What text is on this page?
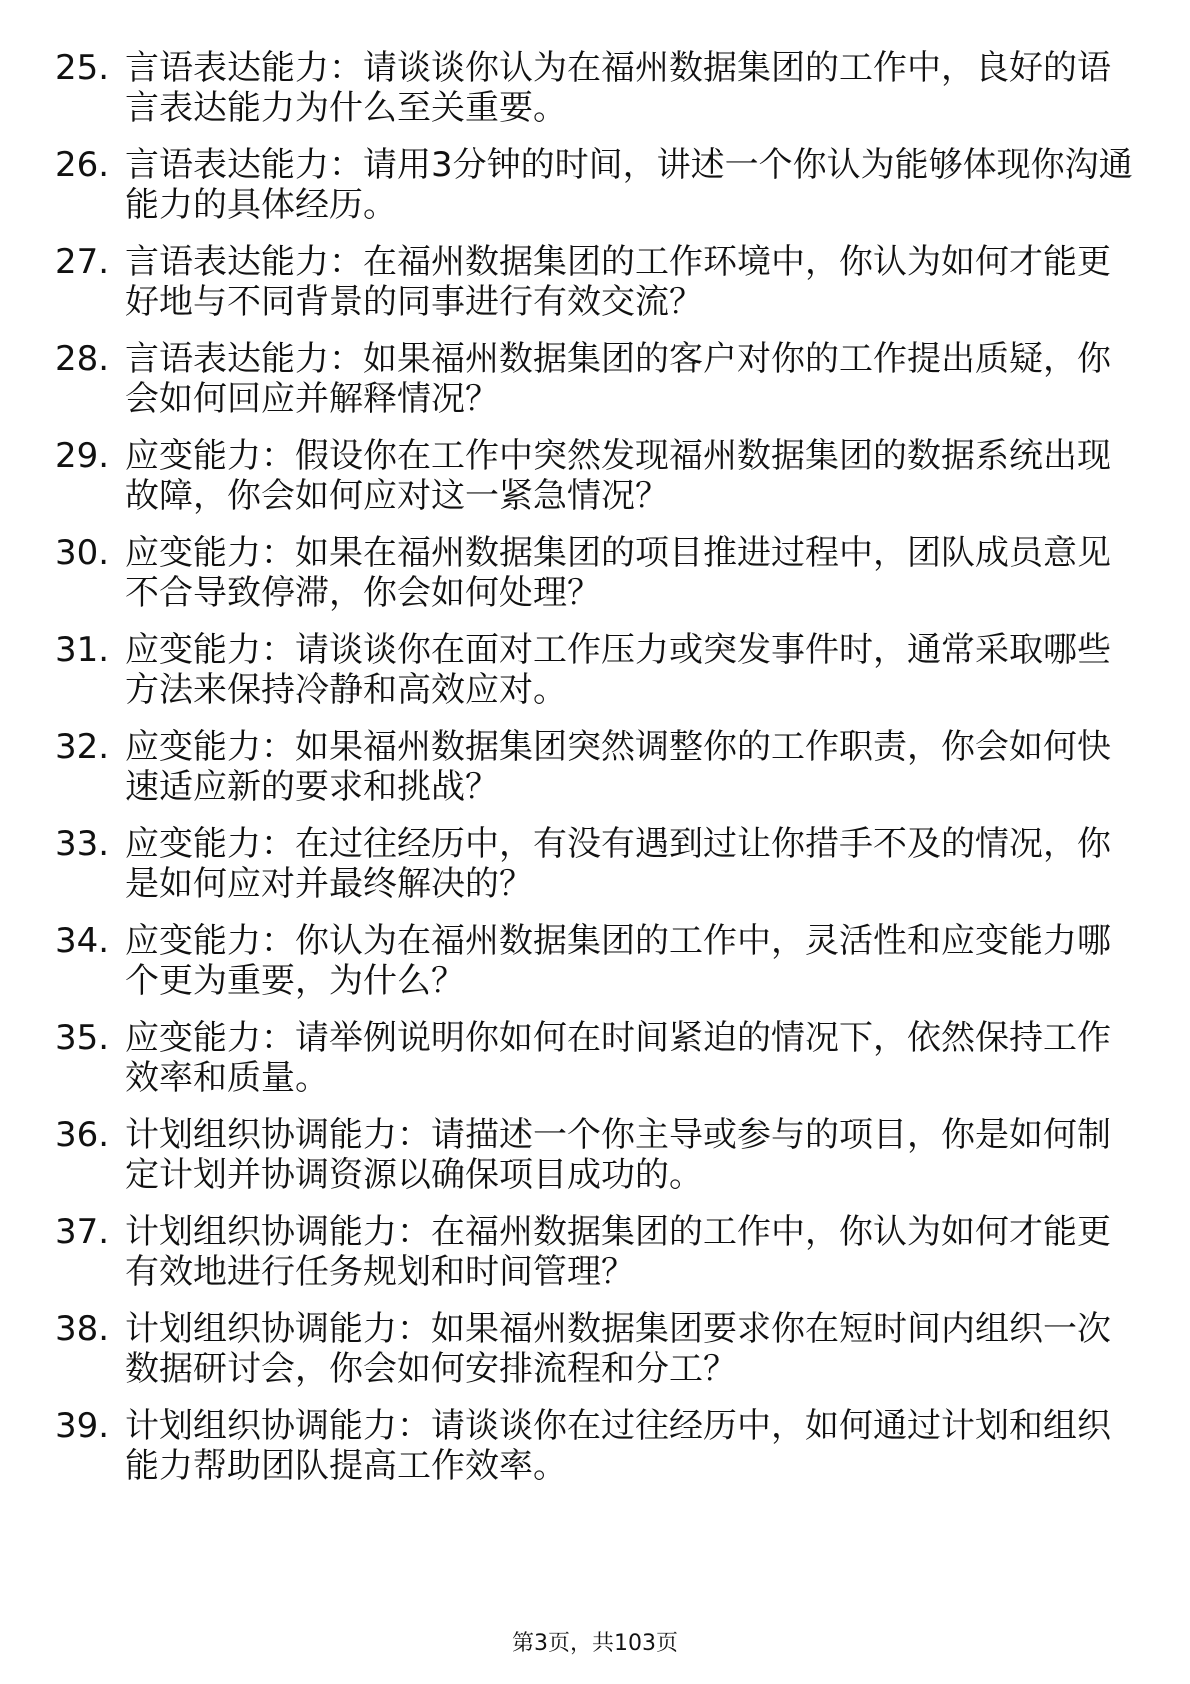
25. 言语表达能力：请谈谈你认为在福州数据集团的工作中，良好的语言表达能力为什么至关重要。
26. 言语表达能力：请用3分钟的时间，讲述一个你认为能够体现你沟通能力的具体经历。
27. 言语表达能力：在福州数据集团的工作环境中，你认为如何才能更好地与不同背景的同事进行有效交流？
28. 言语表达能力：如果福州数据集团的客户对你的工作提出质疑，你会如何回应并解释情况？
29. 应变能力：假设你在工作中突然发现福州数据集团的数据系统出现故障，你会如何应对这一紧急情况？
30. 应变能力：如果在福州数据集团的项目推进过程中，团队成员意见不合导致停滞，你会如何处理？
31. 应变能力：请谈谈你在面对工作压力或突发事件时，通常采取哪些方法来保持冷静和高效应对。
32. 应变能力：如果福州数据集团突然调整你的工作职责，你会如何快速适应新的要求和挑战？
33. 应变能力：在过往经历中，有没有遇到过让你措手不及的情况，你是如何应对并最终解决的？
34. 应变能力：你认为在福州数据集团的工作中，灵活性和应变能力哪个更为重要，为什么？
35. 应变能力：请举例说明你如何在时间紧迫的情况下，依然保持工作效率和质量。
36. 计划组织协调能力：请描述一个你主导或参与的项目，你是如何制定计划并协调资源以确保项目成功的。
37. 计划组织协调能力：在福州数据集团的工作中，你认为如何才能更有效地进行任务规划和时间管理？
38. 计划组织协调能力：如果福州数据集团要求你在短时间内组织一次数据研讨会，你会如何安排流程和分工？
39. 计划组织协调能力：请谈谈你在过往经历中，如何通过计划和组织能力帮助团队提高工作效率。
第3页，共103页
